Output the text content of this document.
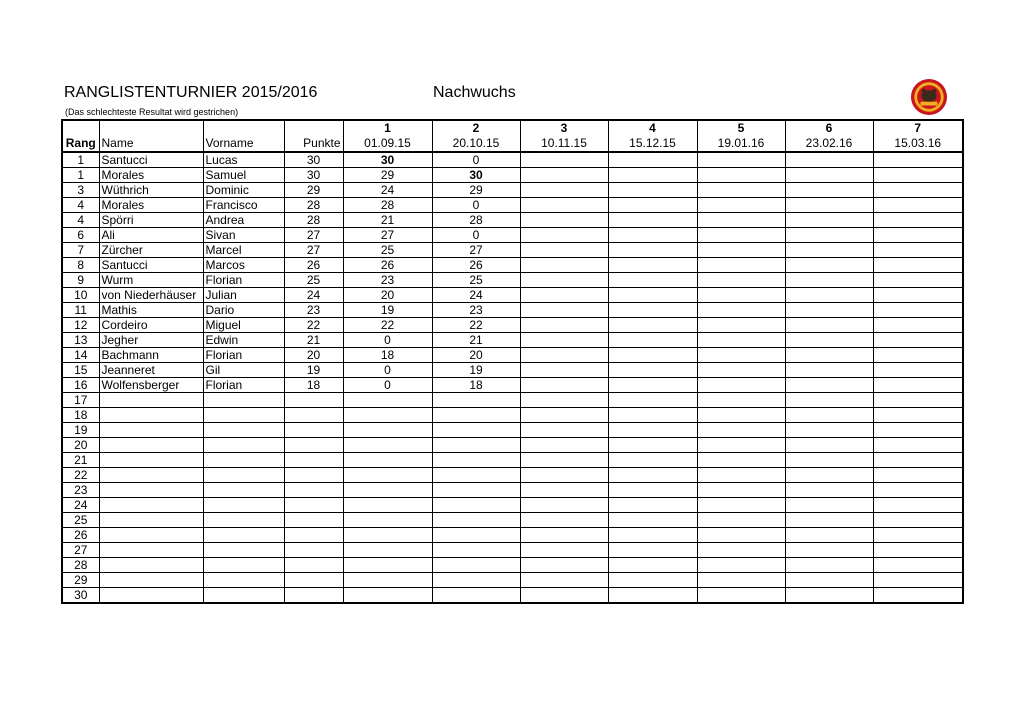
RANGLISTENTURNIER 2015/2016	Nachwuchs
(Das schlechteste Resultat wird gestrichen)
				1	2	3	4	5	6	7
Rang	Name	Vorname	Punkte	01.09.15	20.10.15	10.11.15	15.12.15	19.01.16	23.02.16	15.03.16
1	Santucci	Lucas	30	30	0					
1	Morales	Samuel	30	29	30					
3	Wüthrich	Dominic	29	24	29					
4	Morales	Francisco	28	28	0					
4	Spörri	Andrea	28	21	28					
6	Ali	Sivan	27	27	0					
7	Zürcher	Marcel	27	25	27					
8	Santucci	Marcos	26	26	26					
9	Wurm	Florian	25	23	25					
10	von Niederhäuser	Julian	24	20	24					
11	Mathis	Dario	23	19	23					
12	Cordeiro	Miguel	22	22	22					
13	Jegher	Edwin	21	0	21					
14	Bachmann	Florian	20	18	20					
15	Jeanneret	Gil	19	0	19					
16	Wolfensberger	Florian	18	0	18					
17										
18										
19										
20										
21										
22										
23										
24										
25										
26										
27										
28										
29										
30										
